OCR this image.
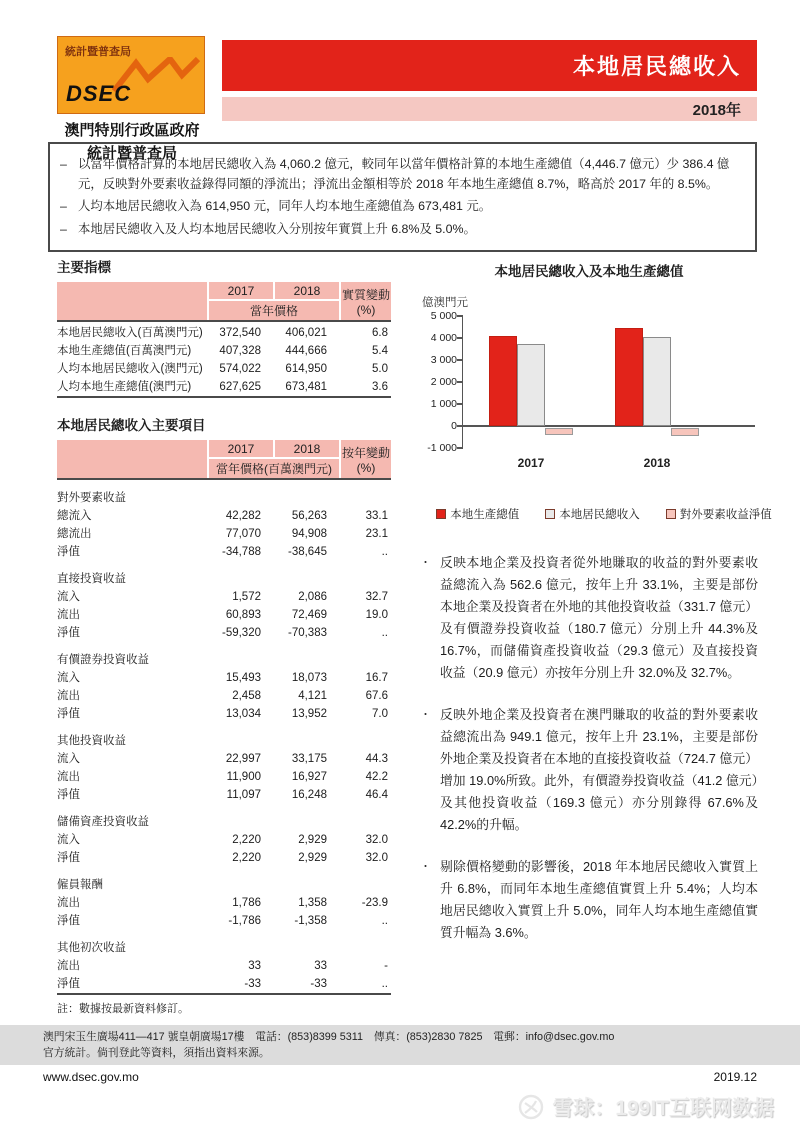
統計暨普查局
DSEC
澳門特別行政區政府
統計暨普查局
本地居民總收入
2018年
– 以當年價格計算的本地居民總收入為 4,060.2 億元，較同年以當年價格計算的本地生產總值（4,446.7 億元）少 386.4 億元，反映對外要素收益錄得同額的淨流出；淨流出金額相等於 2018 年本地生產總值 8.7%，略高於 2017 年的 8.5%。
– 人均本地居民總收入為 614,950 元，同年人均本地生產總值為 673,481 元。
– 本地居民總收入及人均本地居民總收入分別按年實質上升 6.8%及 5.0%。
主要指標
	2017	2018	實質變動
(%)
	當年價格		
本地居民總收入(百萬澳門元)	372,540	406,021	6.8
本地生產總值(百萬澳門元)	407,328	444,666	5.4
人均本地居民總收入(澳門元)	574,022	614,950	5.0
人均本地生產總值(澳門元)	627,625	673,481	3.6
本地居民總收入主要項目
	2017	2018	按年變動
(%)
	當年價格(百萬澳門元)		
對外要素收益			
總流入	42,282	56,263	33.1
總流出	77,070	94,908	23.1
淨值	-34,788	-38,645	..
直接投資收益			
流入	1,572	2,086	32.7
流出	60,893	72,469	19.0
淨值	-59,320	-70,383	..
有價證券投資收益			
流入	15,493	18,073	16.7
流出	2,458	4,121	67.6
淨值	13,034	13,952	7.0
其他投資收益			
流入	22,997	33,175	44.3
流出	11,900	16,927	42.2
淨值	11,097	16,248	46.4
儲備資產投資收益			
流入	2,220	2,929	32.0
淨值	2,220	2,929	32.0
僱員報酬			
流出	1,786	1,358	-23.9
淨值	-1,786	-1,358	..
其他初次收益			
流出	33	33	-
淨值	-33	-33	..
註：數據按最新資料修訂。
本地居民總收入及本地生產總值
億澳門元
5 000
4 000
3 000
2 000
1 000
0
-1 000
2017	2018
本地生產總值	本地居民總收入	對外要素收益淨值
・ 反映本地企業及投資者從外地賺取的收益的對外要素收益總流入為 562.6 億元，按年上升 33.1%，主要是部份本地企業及投資者在外地的其他投資收益（331.7 億元）及有價證券投資收益（180.7 億元）分別上升 44.3%及 16.7%，而儲備資產投資收益（29.3 億元）及直接投資收益（20.9 億元）亦按年分別上升 32.0%及 32.7%。
・ 反映外地企業及投資者在澳門賺取的收益的對外要素收益總流出為 949.1 億元，按年上升 23.1%，主要是部份外地企業及投資者在本地的直接投資收益（724.7 億元）增加 19.0%所致。此外，有價證券投資收益（41.2 億元）及其他投資收益（169.3 億元）亦分別錄得 67.6%及 42.2%的升幅。
・ 剔除價格變動的影響後，2018 年本地居民總收入實質上升 6.8%，而同年本地生產總值實質上升 5.4%；人均本地居民總收入實質上升 5.0%，同年人均本地生產總值實質升幅為 3.6%。
澳門宋玉生廣場411—417 號皇朝廣場17樓　電話：(853)8399 5311　傳真：(853)2830 7825　電郵：info@dsec.gov.mo
官方統計。倘刊登此等資料，須指出資料來源。
www.dsec.gov.mo	2019.12
雪球：199IT互联网数据
